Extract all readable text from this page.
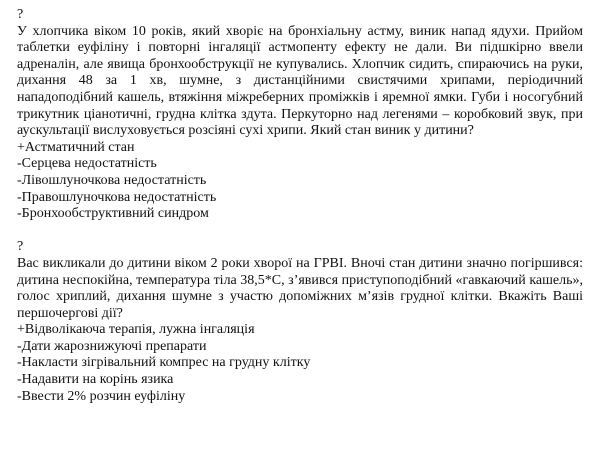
?
У хлопчика віком 10 років, який хворіє на бронхіальну астму, виник напад ядухи. Прийом таблетки еуфіліну і повторні інгаляції астмопенту ефекту не дали. Ви підшкірно ввели адреналін, але явища бронхообструкції не купувались. Хлопчик сидить, спираючись на руки, дихання 48 за 1 хв, шумне, з дистанційними свистячими хрипами, періодичний нападоподібний кашель, втяжіння міжреберних проміжків і яремної ямки. Губи і носогубний трикутник ціанотичні, грудна клітка здута. Перкуторно над легенями – коробковий звук, при аускультації вислуховується розсіяні сухі хрипи. Який стан виник у дитини?
+Астматичний стан
-Серцева недостатність
-Лівошлуночкова недостатність
-Правошлуночкова недостатність
-Бронхообструктивний синдром
?
Вас викликали до дитини віком 2 роки хворої на ГРВІ. Вночі стан дитини значно погіршився: дитина неспокійна, температура тіла 38,5*С, з’явився приступоподібний «гавкаючий кашель», голос хриплий, дихання шумне з участю допоміжних м’язів грудної клітки. Вкажіть Ваші першочергові дії?
+Відволікаюча терапія, лужна інгаляція
-Дати жарознижуючі препарати
-Накласти зігрівальний компрес на грудну клітку
-Надавити на корінь язика
-Ввести 2% розчин еуфіліну
